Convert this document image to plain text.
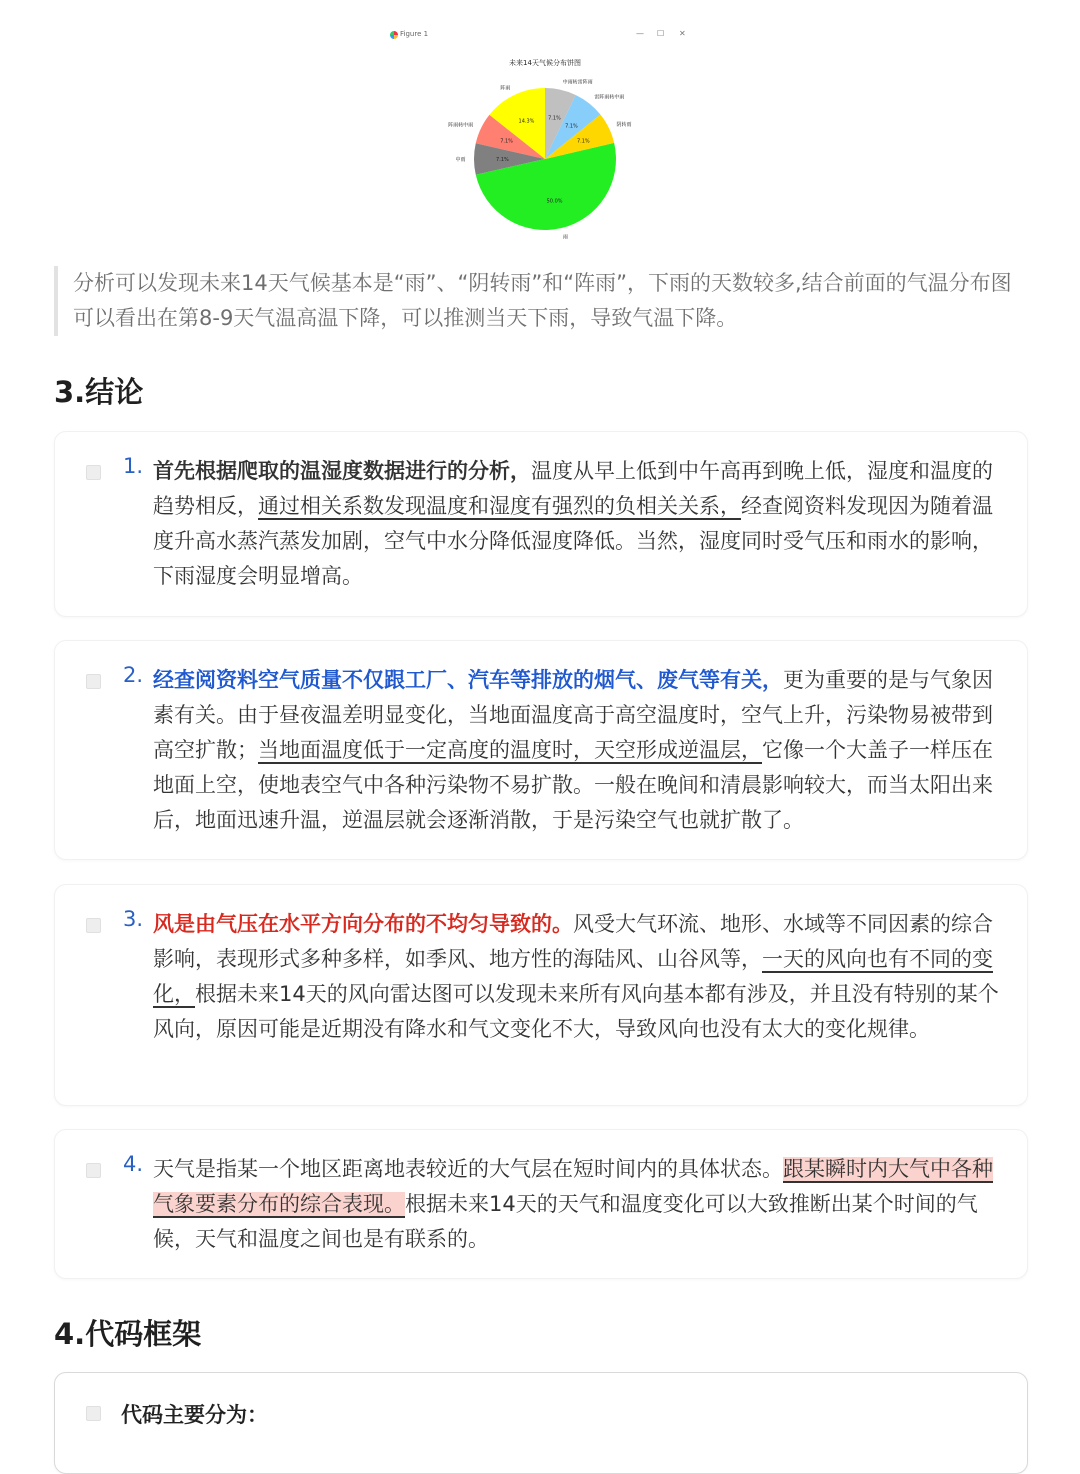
Figure 1	— ☐ ✕
未来14天气候分布饼图
14.3%
7.1%
7.1%
50.0%
7.1%
7.1%
7.1%
阵雨
阵雨转中雨
中雨
雨
阴转雨
雷阵雨转中雨
中雨转雷阵雨

分析可以发现未来14天气候基本是“雨”、“阴转雨”和“阵雨”，下雨的天数较多,结合前面的气温分布图可以看出在第8-9天气温高温下降，可以推测当天下雨，导致气温下降。

3.结论
1. 首先根据爬取的温湿度数据进行的分析，温度从早上低到中午高再到晚上低，湿度和温度的趋势相反，通过相关系数发现温度和湿度有强烈的负相关关系，经查阅资料发现因为随着温度升高水蒸汽蒸发加剧，空气中水分降低湿度降低。当然，湿度同时受气压和雨水的影响，下雨湿度会明显增高。
2. 经查阅资料空气质量不仅跟工厂、汽车等排放的烟气、废气等有关，更为重要的是与气象因素有关。由于昼夜温差明显变化，当地面温度高于高空温度时，空气上升，污染物易被带到高空扩散；当地面温度低于一定高度的温度时，天空形成逆温层，它像一个大盖子一样压在地面上空，使地表空气中各种污染物不易扩散。一般在晚间和清晨影响较大，而当太阳出来后，地面迅速升温，逆温层就会逐渐消散，于是污染空气也就扩散了。
3. 风是由气压在水平方向分布的不均匀导致的。风受大气环流、地形、水域等不同因素的综合影响，表现形式多种多样，如季风、地方性的海陆风、山谷风等，一天的风向也有不同的变化，根据未来14天的风向雷达图可以发现未来所有风向基本都有涉及，并且没有特别的某个风向，原因可能是近期没有降水和气文变化不大，导致风向也没有太大的变化规律。
4. 天气是指某一个地区距离地表较近的大气层在短时间内的具体状态。跟某瞬时内大气中各种气象要素分布的综合表现。根据未来14天的天气和温度变化可以大致推断出某个时间的气候，天气和温度之间也是有联系的。
4.代码框架
代码主要分为：
